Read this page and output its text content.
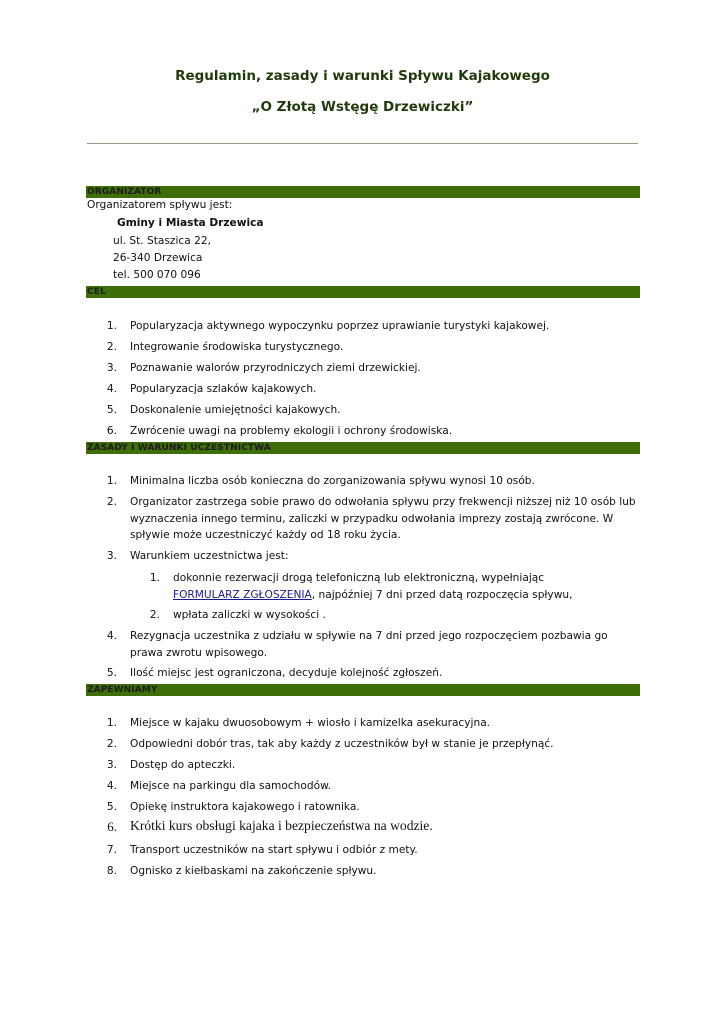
Regulamin, zasady i warunki Spływu Kajakowego
„O Złotą Wstęgę Drzewiczki”
ORGANIZATOR
Organizatorem spływu jest:
Gminy i Miasta Drzewica
ul. St. Staszica 22,
26-340 Drzewica
tel. 500 070 096
CEL
1. Popularyzacja aktywnego wypoczynku poprzez uprawianie turystyki kajakowej.
2. Integrowanie środowiska turystycznego.
3. Poznawanie walorów przyrodniczych ziemi drzewickiej.
4. Popularyzacja szlaków kajakowych.
5. Doskonalenie umiejętności kajakowych.
6. Zwrócenie uwagi na problemy ekologii i ochrony środowiska.
ZASADY I WARUNKI UCZESTNICTWA
1. Minimalna liczba osób konieczna do zorganizowania spływu wynosi 10 osób.
2. Organizator zastrzega sobie prawo do odwołania spływu przy frekwencji niższej niż 10 osób lub wyznaczenia innego terminu, zaliczki w przypadku odwołania imprezy zostają zwrócone. W spływie może uczestniczyć każdy od 18 roku życia.
3. Warunkiem uczestnictwa jest:
1. dokonnie rezerwacji drogą telefoniczną lub elektroniczną, wypełniając FORMULARZ ZGŁOSZENIA, najpóźniej 7 dni przed datą rozpoczęcia spływu,
2. wpłata zaliczki w wysokości .
4. Rezygnacja uczestnika z udziału w spływie na 7 dni przed jego rozpoczęciem pozbawia go prawa zwrotu wpisowego.
5. Ilość miejsc jest ograniczona, decyduje kolejność zgłoszeń.
ZAPEWNIAMY
1. Miejsce w kajaku dwuosobowym + wiosło i kamizelka asekuracyjna.
2. Odpowiedni dobór tras, tak aby każdy z uczestników był w stanie je przepłynąć.
3. Dostęp do apteczki.
4. Miejsce na parkingu dla samochodów.
5. Opiekę instruktora kajakowego i ratownika.
6. Krótki kurs obsługi kajaka i bezpieczeństwa na wodzie.
7. Transport uczestników na start spływu i odbiór z mety.
8. Ognisko z kiełbaskami na zakończenie spływu.
